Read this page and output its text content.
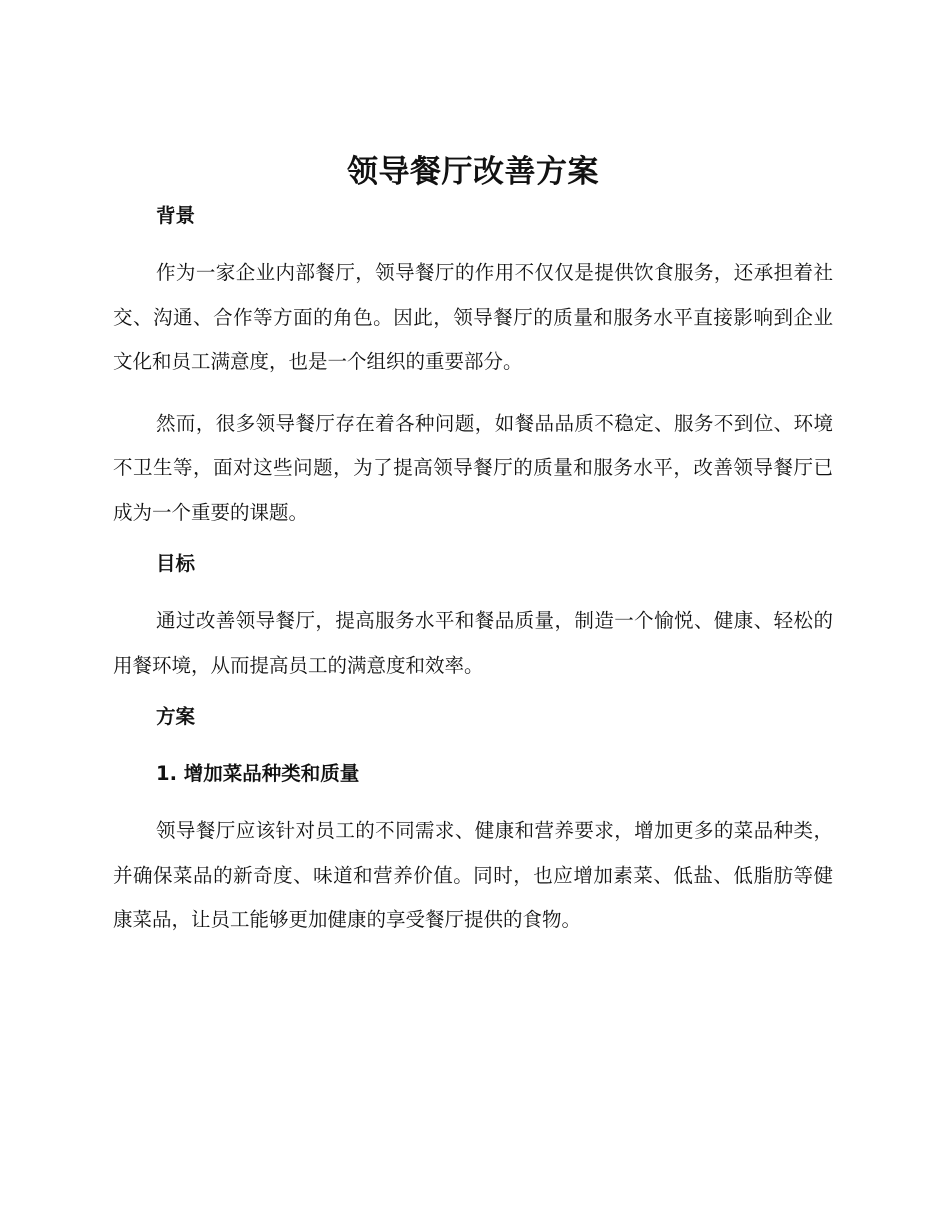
领导餐厅改善方案
背景

作为一家企业内部餐厅，领导餐厅的作用不仅仅是提供饮食服务，还承担着社交、沟通、合作等方面的角色。因此，领导餐厅的质量和服务水平直接影响到企业文化和员工满意度，也是一个组织的重要部分。

然而，很多领导餐厅存在着各种问题，如餐品品质不稳定、服务不到位、环境不卫生等，面对这些问题，为了提高领导餐厅的质量和服务水平，改善领导餐厅已成为一个重要的课题。

目标

通过改善领导餐厅，提高服务水平和餐品质量，制造一个愉悦、健康、轻松的用餐环境，从而提高员工的满意度和效率。

方案
1. 增加菜品种类和质量

领导餐厅应该针对员工的不同需求、健康和营养要求，增加更多的菜品种类，并确保菜品的新奇度、味道和营养价值。同时，也应增加素菜、低盐、低脂肪等健康菜品，让员工能够更加健康的享受餐厅提供的食物。
